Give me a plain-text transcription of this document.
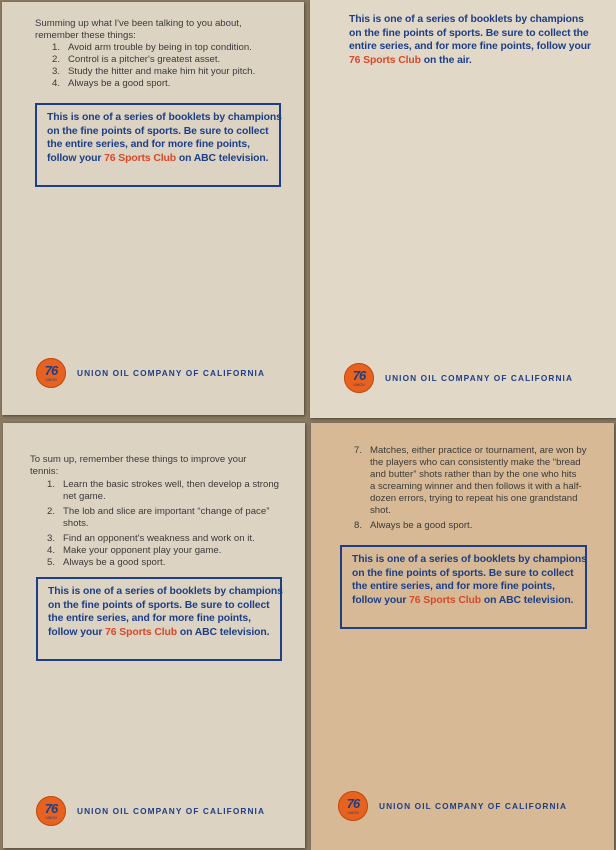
Summing up what I've been talking to you about,
remember these things:
1. Avoid arm trouble by being in top condition.
2. Control is a pitcher's greatest asset.
3. Study the hitter and make him hit your pitch.
4. Always be a good sport.
This is one of a series of booklets by champions
on the fine points of sports. Be sure to collect
the entire series, and for more fine points,
follow your 76 Sports Club on ABC television.
76
UNION
UNION OIL COMPANY OF CALIFORNIA
This is one of a series of booklets by champions
on the fine points of sports. Be sure to collect the
entire series, and for more fine points, follow your
76 Sports Club on the air.
76
UNION
UNION OIL COMPANY OF CALIFORNIA
To sum up, remember these things to improve your
tennis:
1. Learn the basic strokes well, then develop a strong
net game.
2. The lob and slice are important “change of pace”
shots.
3. Find an opponent's weakness and work on it.
4. Make your opponent play your game.
5. Always be a good sport.
This is one of a series of booklets by champions
on the fine points of sports. Be sure to collect
the entire series, and for more fine points,
follow your 76 Sports Club on ABC television.
76
UNION
UNION OIL COMPANY OF CALIFORNIA
7. Matches, either practice or tournament, are won by
the players who can consistently make the “bread
and butter” shots rather than by the one who hits
a screaming winner and then follows it with a half-
dozen errors, trying to repeat his one grandstand
shot.
8. Always be a good sport.
This is one of a series of booklets by champions
on the fine points of sports. Be sure to collect
the entire series, and for more fine points,
follow your 76 Sports Club on ABC television.
76
UNION
UNION OIL COMPANY OF CALIFORNIA
